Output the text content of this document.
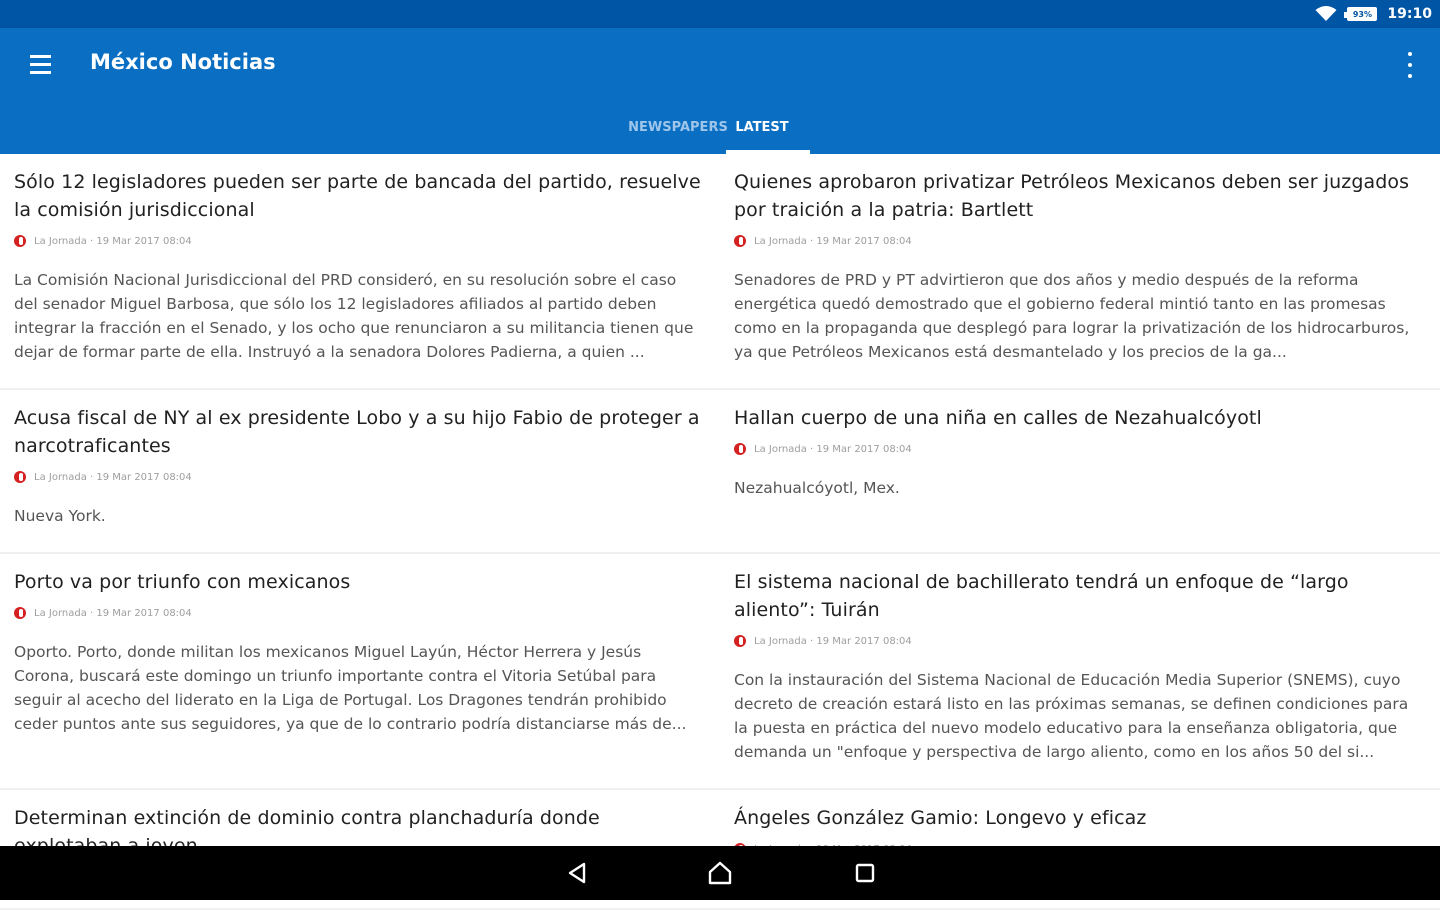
93%	19:10
México Noticias
NEWSPAPERS LATEST
Sólo 12 legisladores pueden ser parte de bancada del partido, resuelve la comisión jurisdiccional
La Jornada · 19 Mar 2017 08:04
La Comisión Nacional Jurisdiccional del PRD consideró, en su resolución sobre el caso del senador Miguel Barbosa, que sólo los 12 legisladores afiliados al partido deben integrar la fracción en el Senado, y los ocho que renunciaron a su militancia tienen que dejar de formar parte de ella. Instruyó a la senadora Dolores Padierna, a quien ...
Quienes aprobaron privatizar Petróleos Mexicanos deben ser juzgados por traición a la patria: Bartlett
La Jornada · 19 Mar 2017 08:04
Senadores de PRD y PT advirtieron que dos años y medio después de la reforma energética quedó demostrado que el gobierno federal mintió tanto en las promesas como en la propaganda que desplegó para lograr la privatización de los hidrocarburos, ya que Petróleos Mexicanos está desmantelado y los precios de la ga...
Acusa fiscal de NY al ex presidente Lobo y a su hijo Fabio de proteger a narcotraficantes
La Jornada · 19 Mar 2017 08:04
Nueva York.
Hallan cuerpo de una niña en calles de Nezahualcóyotl
La Jornada · 19 Mar 2017 08:04
Nezahualcóyotl, Mex.
Porto va por triunfo con mexicanos
La Jornada · 19 Mar 2017 08:04
Oporto. Porto, donde militan los mexicanos Miguel Layún, Héctor Herrera y Jesús Corona, buscará este domingo un triunfo importante contra el Vitoria Setúbal para seguir al acecho del liderato en la Liga de Portugal. Los Dragones tendrán prohibido ceder puntos ante sus seguidores, ya que de lo contrario podría distanciarse más de...
El sistema nacional de bachillerato tendrá un enfoque de “largo aliento”: Tuirán
La Jornada · 19 Mar 2017 08:04
Con la instauración del Sistema Nacional de Educación Media Superior (SNEMS), cuyo decreto de creación estará listo en las próximas semanas, se definen condiciones para la puesta en práctica del nuevo modelo educativo para la enseñanza obligatoria, que demanda un "enfoque y perspectiva de largo aliento, como en los años 50 del si...
Determinan extinción de dominio contra planchaduría donde	Ángeles González Gamio: Longevo y eficaz
